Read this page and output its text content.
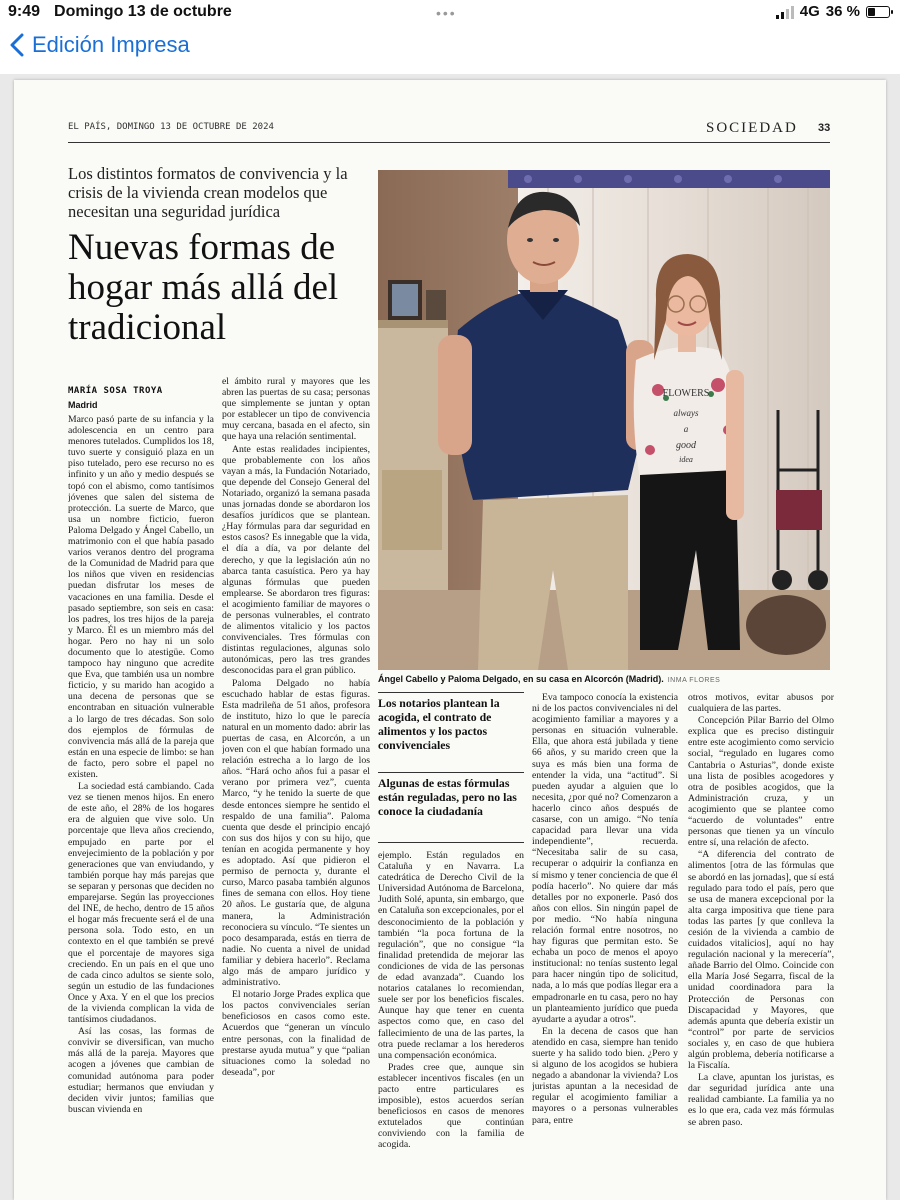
9:49 Domingo 13 de octubre	•••	4G 36 %
Edición Impresa
EL PAÍS, DOMINGO 13 DE OCTUBRE DE 2024	SOCIEDAD 33
Los distintos formatos de convivencia y la crisis de la vivienda crean modelos que necesitan una seguridad jurídica
Nuevas formas de hogar más allá del tradicional
FLOWERS
always
a
good
idea
Ángel Cabello y Paloma Delgado, en su casa en Alcorcón (Madrid). INMA FLORES
MARÍA SOSA TROYA
Madrid

Marco pasó parte de su infancia y la adolescencia en un centro para menores tutelados. Cumplidos los 18, tuvo suerte y consiguió plaza en un piso tutelado, pero ese recurso no es infinito y un año y medio después se topó con el abismo, como tantísimos jóvenes que salen del sistema de protección. La suerte de Marco, que usa un nombre ficticio, fueron Paloma Delgado y Ángel Cabello, un matrimonio con el que había pasado varios veranos dentro del programa de la Comunidad de Madrid para que los niños que viven en residencias puedan disfrutar los meses de vacaciones en una familia. Desde el pasado septiembre, son seis en casa: los padres, los tres hijos de la pareja y Marco. Él es un miembro más del hogar. Pero no hay ni un solo documento que lo atestigüe. Como tampoco hay ninguno que acredite que Eva, que también usa un nombre ficticio, y su marido han acogido a una decena de personas que se encontraban en situación vulnerable a lo largo de tres décadas. Son solo dos ejemplos de fórmulas de convivencia más allá de la pareja que están en una especie de limbo: se han de facto, pero sobre el papel no existen.

La sociedad está cambiando. Cada vez se tienen menos hijos. En enero de este año, el 28% de los hogares era de alguien que vive solo. Un porcentaje que lleva años creciendo, empujado en parte por el envejecimiento de la población y por generaciones que van enviudando, y también porque hay más parejas que se separan y personas que deciden no emparejarse. Según las proyecciones del INE, de hecho, dentro de 15 años el hogar más frecuente será el de una persona sola. Todo esto, en un contexto en el que también se prevé que el porcentaje de mayores siga creciendo. En un país en el que uno de cada cinco adultos se siente solo, según un estudio de las fundaciones Once y Axa. Y en el que los precios de la vivienda complican la vida de tantísimos ciudadanos.

Así las cosas, las formas de convivir se diversifican, van mucho más allá de la pareja. Mayores que acogen a jóvenes que cambian de comunidad autónoma para poder estudiar; hermanos que enviudan y deciden vivir juntos; familias que buscan vivienda en

el ámbito rural y mayores que les abren las puertas de su casa; personas que simplemente se juntan y optan por establecer un tipo de convivencia muy cercana, basada en el afecto, sin que haya una relación sentimental.

Ante estas realidades incipientes, que probablemente con los años vayan a más, la Fundación Notariado, que depende del Consejo General del Notariado, organizó la semana pasada unas jornadas donde se abordaron los desafíos jurídicos que se plantean. ¿Hay fórmulas para dar seguridad en estos casos? Es innegable que la vida, el día a día, va por delante del derecho, y que la legislación aún no abarca tanta casuística. Pero ya hay algunas fórmulas que pueden emplearse. Se abordaron tres figuras: el acogimiento familiar de mayores o de personas vulnerables, el contrato de alimentos vitalicio y los pactos convivenciales. Tres fórmulas con distintas regulaciones, algunas solo autonómicas, pero las tres grandes desconocidas para el gran público.

Paloma Delgado no había escuchado hablar de estas figuras. Esta madrileña de 51 años, profesora de instituto, hizo lo que le parecía natural en un momento dado: abrir las puertas de casa, en Alcorcón, a un joven con el que habían formado una relación estrecha a lo largo de los años. “Hará ocho años fui a pasar el verano por primera vez”, cuenta Marco, “y he tenido la suerte de que desde entonces siempre he sentido el respaldo de una familia”. Paloma cuenta que desde el principio encajó con sus dos hijos y con su hijo, que tenían en acogida permanente y hoy es adoptado. Así que pidieron el permiso de pernocta y, durante el curso, Marco pasaba también algunos fines de semana con ellos. Hoy tiene 20 años. Le gustaría que, de alguna manera, la Administración reconociera su vínculo. “Te sientes un poco desamparada, estás en tierra de nadie. No cuenta a nivel de unidad familiar y debiera hacerlo”. Reclama algo más de amparo jurídico y administrativo.

El notario Jorge Prades explica que los pactos convivenciales serían beneficiosos en casos como este. Acuerdos que “generan un vínculo entre personas, con la finalidad de prestarse ayuda mutua” y que “palian situaciones como la soledad no deseada”, por

Los notarios plantean la acogida, el contrato de alimentos y los pactos convivenciales
Algunas de estas fórmulas están reguladas, pero no las conoce la ciudadanía

ejemplo. Están regulados en Cataluña y en Navarra. La catedrática de Derecho Civil de la Universidad Autónoma de Barcelona, Judith Solé, apunta, sin embargo, que en Cataluña son excepcionales, por el desconocimiento de la población y también “la poca fortuna de la regulación”, que no consigue “la finalidad pretendida de mejorar las condiciones de vida de las personas de edad avanzada”. Cuando los notarios catalanes lo recomiendan, suele ser por los beneficios fiscales. Aunque hay que tener en cuenta aspectos como que, en caso del fallecimiento de una de las partes, la otra puede reclamar a los herederos una compensación económica.

Prades cree que, aunque sin establecer incentivos fiscales (en un pacto entre particulares es imposible), estos acuerdos serían beneficiosos en casos de menores extutelados que continúan conviviendo con la familia de acogida.

Eva tampoco conocía la existencia ni de los pactos convivenciales ni del acogimiento familiar a mayores y a personas en situación vulnerable. Ella, que ahora está jubilada y tiene 66 años, y su marido creen que la suya es más bien una forma de entender la vida, una “actitud”. Si pueden ayudar a alguien que lo necesita, ¿por qué no? Comenzaron a hacerlo cinco años después de casarse, con un amigo. “No tenía capacidad para llevar una vida independiente”, recuerda. “Necesitaba salir de su casa, recuperar o adquirir la confianza en sí mismo y tener conciencia de que él podía hacerlo”. No quiere dar más detalles por no exponerle. Pasó dos años con ellos. Sin ningún papel de por medio. “No había ninguna relación formal entre nosotros, no hay figuras que permitan esto. Se echaba un poco de menos el apoyo institucional: no tenías sustento legal para hacer ningún tipo de solicitud, nada, a lo más que podías llegar era a empadronarle en tu casa, pero no hay un planteamiento jurídico que pueda ayudarte a ayudar a otros”.

En la decena de casos que han atendido en casa, siempre han tenido suerte y ha salido todo bien. ¿Pero y si alguno de los acogidos se hubiera negado a abandonar la vivienda? Los juristas apuntan a la necesidad de regular el acogimiento familiar a mayores o a personas vulnerables para, entre

otros motivos, evitar abusos por cualquiera de las partes.

Concepción Pilar Barrio del Olmo explica que es preciso distinguir entre este acogimiento como servicio social, “regulado en lugares como Cantabria o Asturias”, donde existe una lista de posibles acogedores y otra de posibles acogidos, que la Administración cruza, y un acogimiento que se plantee como “acuerdo de voluntades” entre personas que tienen ya un vínculo entre sí, una relación de afecto.

“A diferencia del contrato de alimentos [otra de las fórmulas que se abordó en las jornadas], que sí está regulado para todo el país, pero que se usa de manera excepcional por la alta carga impositiva que tiene para todas las partes [y que conlleva la cesión de la vivienda a cambio de cuidados vitalicios], aquí no hay regulación nacional y la merecería”, añade Barrio del Olmo. Coincide con ella María José Segarra, fiscal de la unidad coordinadora para la Protección de Personas con Discapacidad y Mayores, que además apunta que debería existir un “control” por parte de servicios sociales y, en caso de que hubiera algún problema, debería notificarse a la Fiscalía.

La clave, apuntan los juristas, es dar seguridad jurídica ante una realidad cambiante. La familia ya no es lo que era, cada vez más fórmulas se abren paso.
